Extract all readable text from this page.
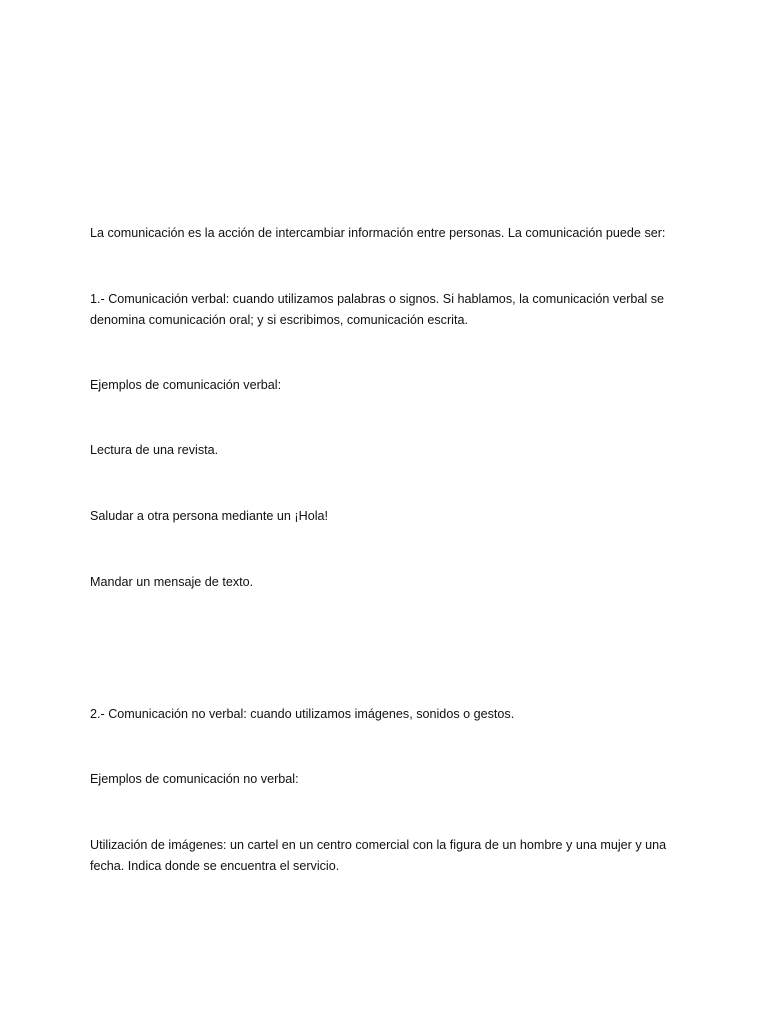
La comunicación es la acción de intercambiar información entre personas. La comunicación puede ser:

1.- Comunicación verbal: cuando utilizamos palabras o signos. Si hablamos, la comunicación verbal se denomina comunicación oral; y si escribimos, comunicación escrita.

Ejemplos de comunicación verbal:

Lectura de una revista.

Saludar a otra persona mediante un ¡Hola!

Mandar un mensaje de texto.

2.- Comunicación no verbal: cuando utilizamos imágenes, sonidos o gestos.

Ejemplos de comunicación no verbal:

Utilización de imágenes: un cartel en un centro comercial con la figura de un hombre y una mujer y una fecha. Indica donde se encuentra el servicio.
